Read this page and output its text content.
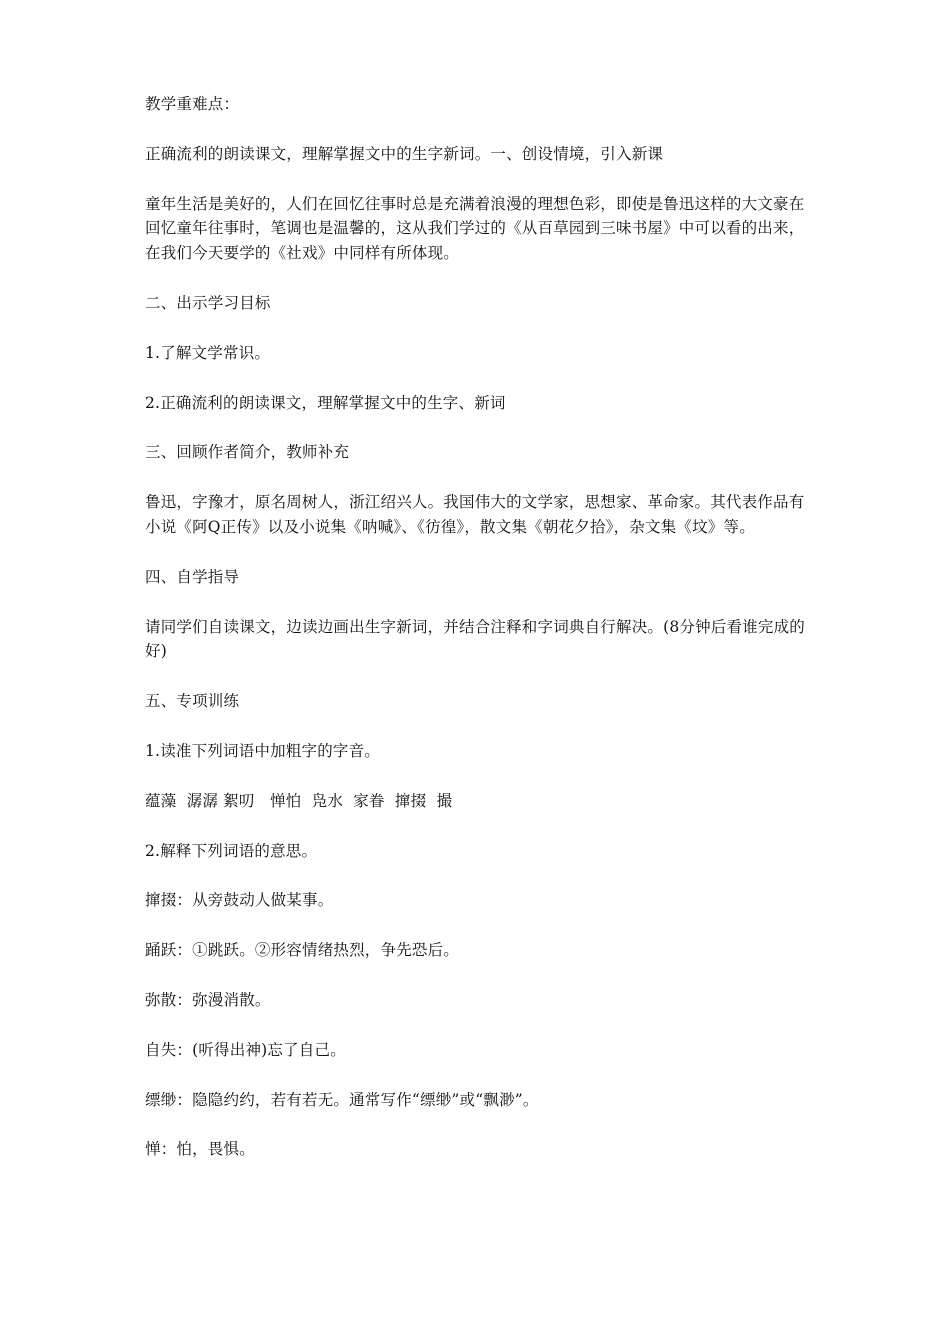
教学重难点：

正确流利的朗读课文，理解掌握文中的生字新词。一、创设情境，引入新课

童年生活是美好的，人们在回忆往事时总是充满着浪漫的理想色彩，即使是鲁迅这样的大文豪在回忆童年往事时，笔调也是温馨的，这从我们学过的《从百草园到三味书屋》中可以看的出来，在我们今天要学的《社戏》中同样有所体现。

二、出示学习目标

1.了解文学常识。

2.正确流利的朗读课文，理解掌握文中的生字、新词

三、回顾作者简介，教师补充

鲁迅，字豫才，原名周树人，浙江绍兴人。我国伟大的文学家，思想家、革命家。其代表作品有小说《阿Q正传》以及小说集《呐喊》、《彷徨》，散文集《朝花夕拾》，杂文集《坟》等。

四、自学指导

请同学们自读课文，边读边画出生字新词，并结合注释和字词典自行解决。(8分钟后看谁完成的好)

五、专项训练

1.读准下列词语中加粗字的字音。

蕴藻  潺潺 絮叨   惮怕  凫水  家眷  撺掇  撮

2.解释下列词语的意思。

撺掇：从旁鼓动人做某事。

踊跃：①跳跃。②形容情绪热烈，争先恐后。

弥散：弥漫消散。

自失：(听得出神)忘了自己。

缥缈：隐隐约约，若有若无。通常写作“缥缈”或“飘渺”。

惮：怕，畏惧。
